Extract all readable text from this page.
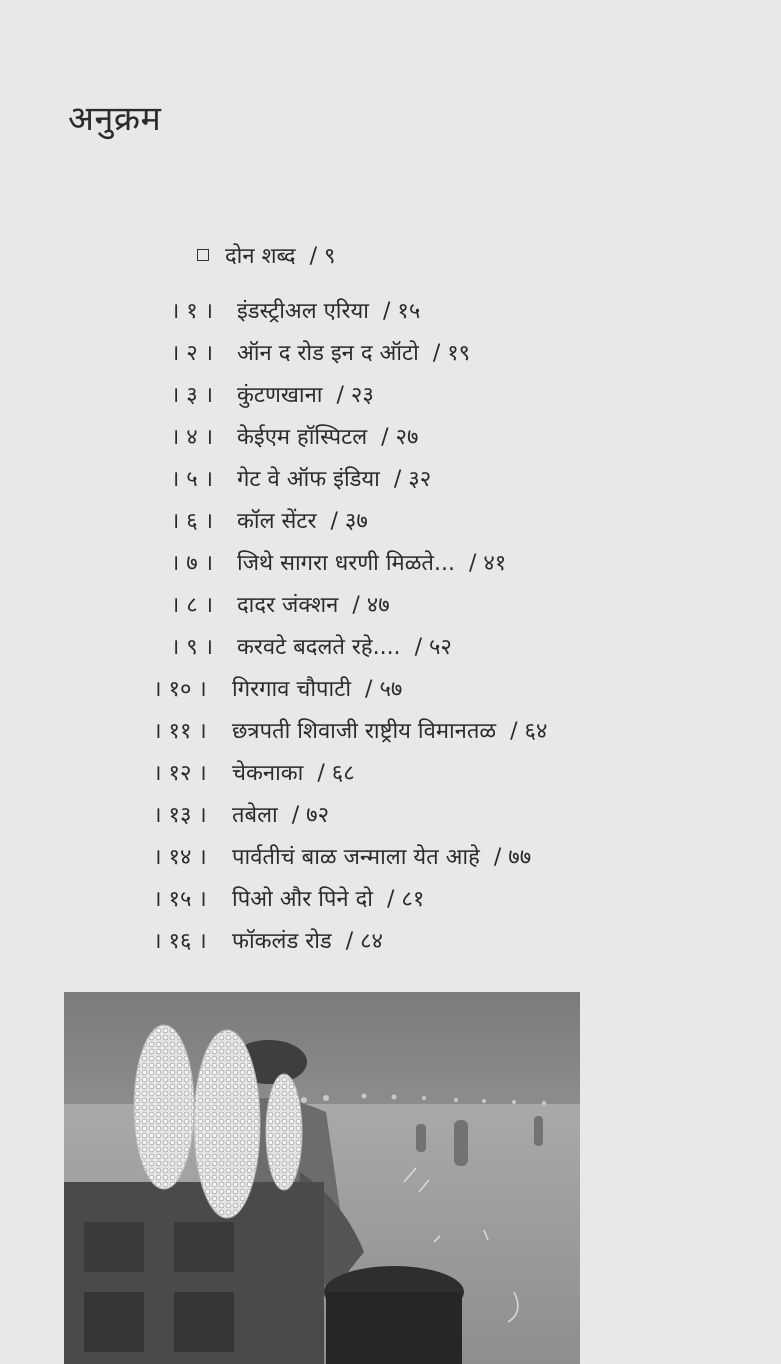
अनुक्रम
दोन शब्द / ९
। १ । इंडस्ट्रीअल एरिया / १५
। २ । ऑन द रोड इन द ऑटो / १९
। ३ । कुंटणखाना / २३
। ४ । केईएम हॉस्पिटल / २७
। ५ । गेट वे ऑफ इंडिया / ३२
। ६ । कॉल सेंटर / ३७
। ७ । जिथे सागरा धरणी मिळते... / ४१
। ८ । दादर जंक्शन / ४७
। ९ । करवटे बदलते रहे.... / ५२
। १० । गिरगाव चौपाटी / ५७
। ११ । छत्रपती शिवाजी राष्ट्रीय विमानतळ / ६४
। १२ । चेकनाका / ६८
। १३ । तबेला / ७२
। १४ । पार्वतीचं बाळ जन्माला येत आहे / ७७
। १५ । पिओ और पिने दो / ८१
। १६ । फॉकलंड रोड / ८४
